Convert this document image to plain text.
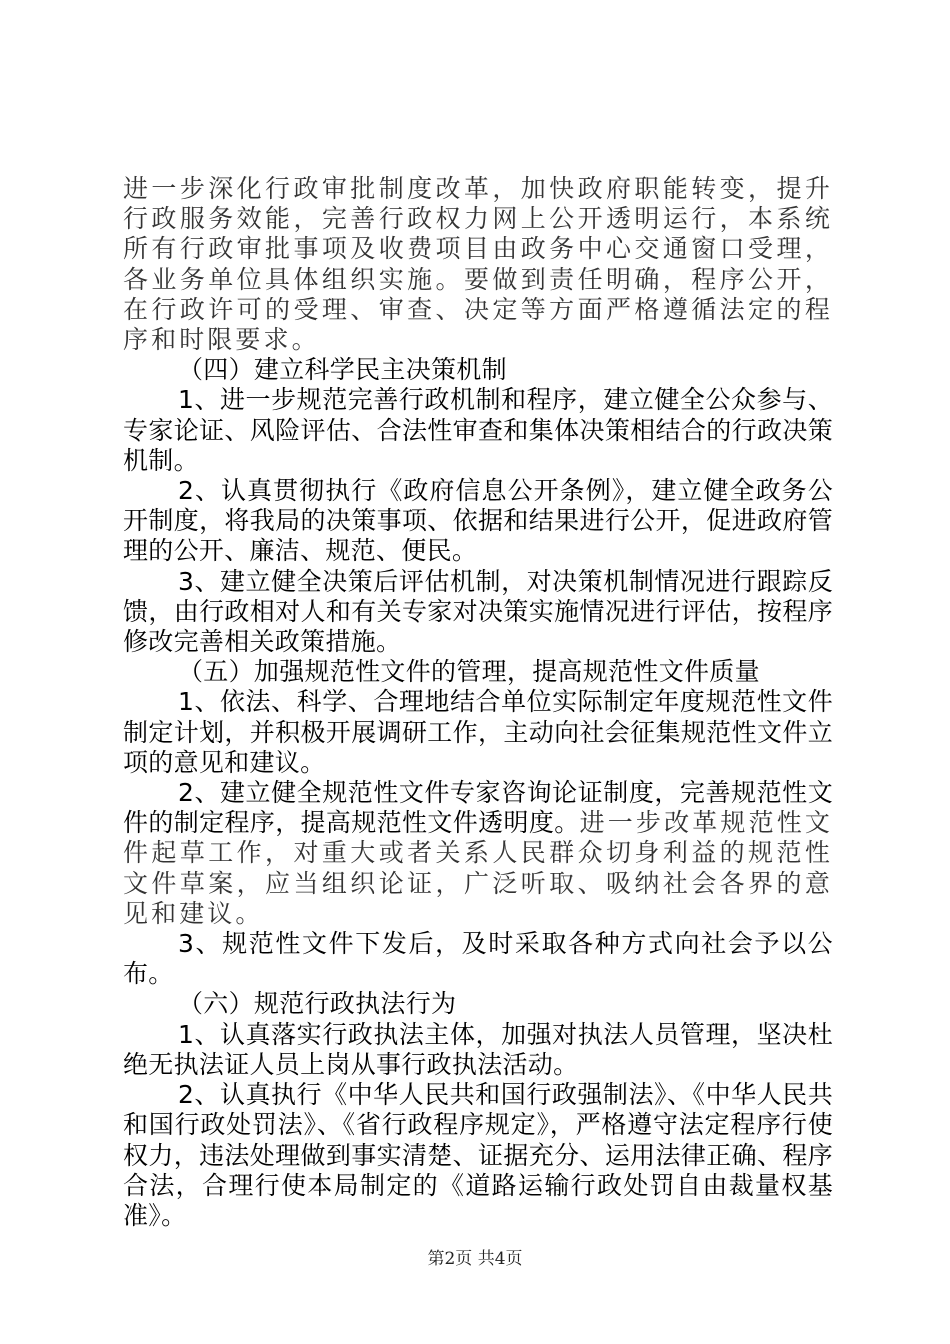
进一步深化行政审批制度改革，加快政府职能转变，提升行政服务效能，完善行政权力网上公开透明运行，本系统所有行政审批事项及收费项目由政务中心交通窗口受理，各业务单位具体组织实施。要做到责任明确，程序公开，在行政许可的受理、审查、决定等方面严格遵循法定的程序和时限要求。

（四）建立科学民主决策机制

1、进一步规范完善行政机制和程序，建立健全公众参与、专家论证、风险评估、合法性审查和集体决策相结合的行政决策机制。

2、认真贯彻执行《政府信息公开条例》，建立健全政务公开制度，将我局的决策事项、依据和结果进行公开，促进政府管理的公开、廉洁、规范、便民。

3、建立健全决策后评估机制，对决策机制情况进行跟踪反馈，由行政相对人和有关专家对决策实施情况进行评估，按程序修改完善相关政策措施。

（五）加强规范性文件的管理，提高规范性文件质量

1、依法、科学、合理地结合单位实际制定年度规范性文件制定计划，并积极开展调研工作，主动向社会征集规范性文件立项的意见和建议。

2、建立健全规范性文件专家咨询论证制度，完善规范性文件的制定程序，提高规范性文件透明度。进一步改革规范性文件起草工作，对重大或者关系人民群众切身利益的规范性文件草案，应当组织论证，广泛听取、吸纳社会各界的意见和建议。

3、规范性文件下发后，及时采取各种方式向社会予以公布。

（六）规范行政执法行为

1、认真落实行政执法主体，加强对执法人员管理，坚决杜绝无执法证人员上岗从事行政执法活动。

2、认真执行《中华人民共和国行政强制法》、《中华人民共和国行政处罚法》、《省行政程序规定》，严格遵守法定程序行使权力，违法处理做到事实清楚、证据充分、运用法律正确、程序合法，合理行使本局制定的《道路运输行政处罚自由裁量权基准》。

第2页 共4页
